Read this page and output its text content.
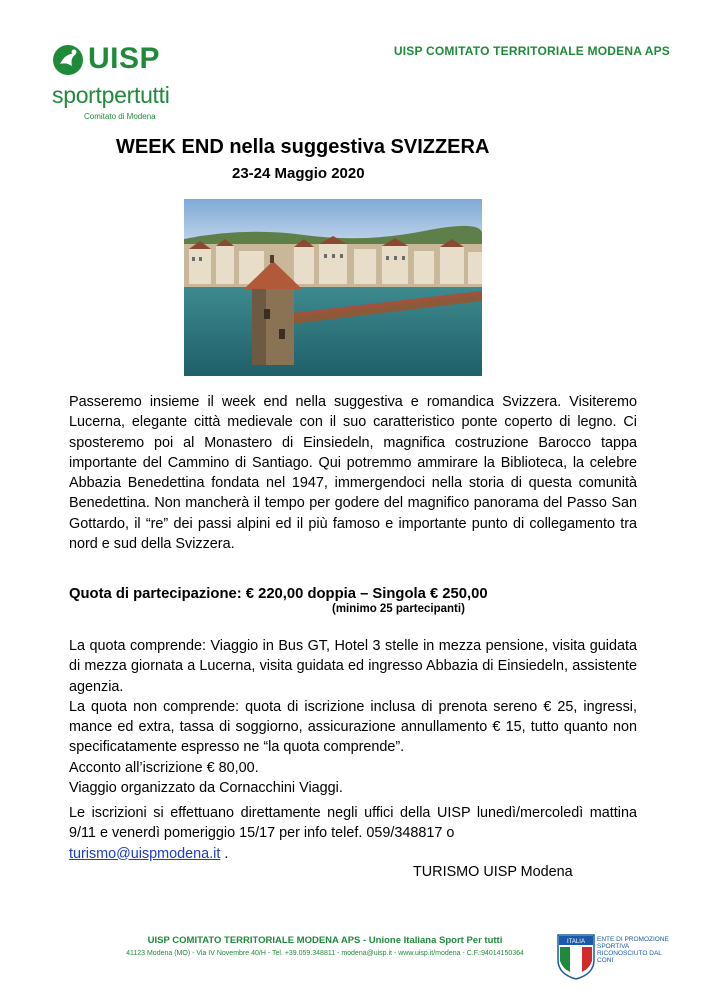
UISP
sportpertutti
Comitato di Modena
UISP COMITATO TERRITORIALE MODENA APS
WEEK END nella suggestiva SVIZZERA
23-24 Maggio 2020
Passeremo insieme il week end nella suggestiva e romandica Svizzera. Visiteremo Lucerna, elegante città medievale con il suo caratteristico ponte coperto di legno. Ci sposteremo poi al Monastero di Einsiedeln, magnifica costruzione Barocco tappa importante del Cammino di Santiago. Qui potremmo ammirare la Biblioteca, la celebre Abbazia Benedettina fondata nel 1947, immergendoci nella storia di questa comunità Benedettina. Non mancherà il tempo per godere del magnifico panorama del Passo San Gottardo, il “re” dei passi alpini ed il più famoso e importante punto di collegamento tra nord e sud della Svizzera.
Quota di partecipazione: € 220,00 doppia – Singola € 250,00
(minimo 25 partecipanti)
La quota comprende: Viaggio in Bus GT, Hotel 3 stelle in mezza pensione, visita guidata di mezza giornata a Lucerna, visita guidata ed ingresso Abbazia di Einsiedeln, assistente agenzia.
La quota non comprende: quota di iscrizione inclusa di prenota sereno € 25, ingressi, mance ed extra, tassa di soggiorno, assicurazione annullamento € 15, tutto quanto non specificatamente espresso ne “la quota comprende”.
Acconto all’iscrizione € 80,00.
Viaggio organizzato da Cornacchini Viaggi.
Le iscrizioni si effettuano direttamente negli uffici della UISP lunedì/mercoledì mattina 9/11 e venerdì pomeriggio 15/17 per info telef. 059/348817 o
turismo@uispmodena.it .
TURISMO UISP Modena
UISP COMITATO TERRITORIALE MODENA APS - Unione Italiana Sport Per tutti
41123 Modena (MO) - Via IV Novembre 40/H - Tel. +39.059.348811 - modena@uisp.it - www.uisp.it/modena - C.F.:94014150364
ITALIA ENTE DI PROMOZIONE SPORTIVA RICONOSCIUTO DAL CONI
